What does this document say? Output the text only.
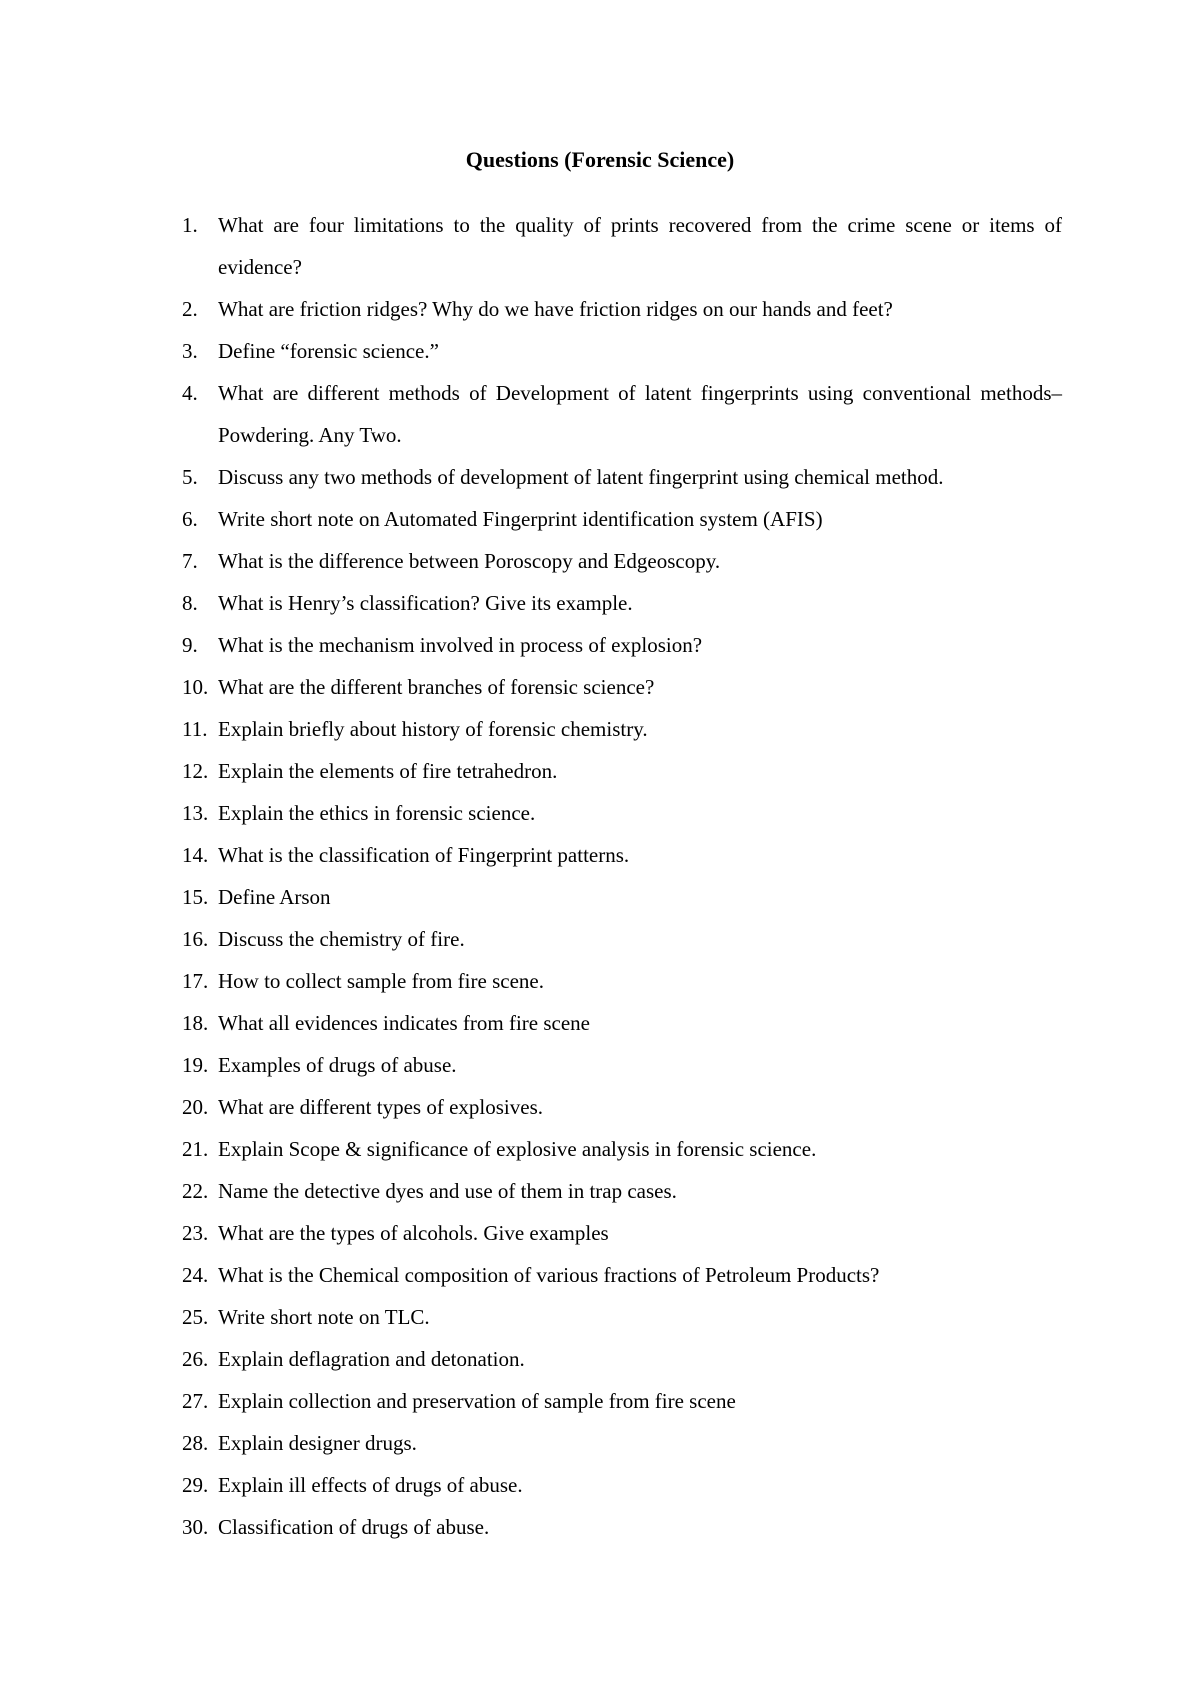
Questions (Forensic Science)
1. What are four limitations to the quality of prints recovered from the crime scene or items of evidence?
2. What are friction ridges? Why do we have friction ridges on our hands and feet?
3. Define “forensic science.”
4. What are different methods of Development of latent fingerprints using conventional methods–Powdering. Any Two.
5. Discuss any two methods of development of latent fingerprint using chemical method.
6. Write short note on Automated Fingerprint identification system (AFIS)
7. What is the difference between Poroscopy and Edgeoscopy.
8. What is Henry’s classification? Give its example.
9. What is the mechanism involved in process of explosion?
10. What are the different branches of forensic science?
11. Explain briefly about history of forensic chemistry.
12. Explain the elements of fire tetrahedron.
13. Explain the ethics in forensic science.
14. What is the classification of Fingerprint patterns.
15. Define Arson
16. Discuss the chemistry of fire.
17. How to collect sample from fire scene.
18. What all evidences indicates from fire scene
19. Examples of drugs of abuse.
20. What are different types of explosives.
21. Explain Scope & significance of explosive analysis in forensic science.
22. Name the detective dyes and use of them in trap cases.
23. What are the types of alcohols. Give examples
24. What is the Chemical composition of various fractions of Petroleum Products?
25. Write short note on TLC.
26. Explain deflagration and detonation.
27. Explain collection and preservation of sample from fire scene
28. Explain designer drugs.
29. Explain ill effects of drugs of abuse.
30. Classification of drugs of abuse.
